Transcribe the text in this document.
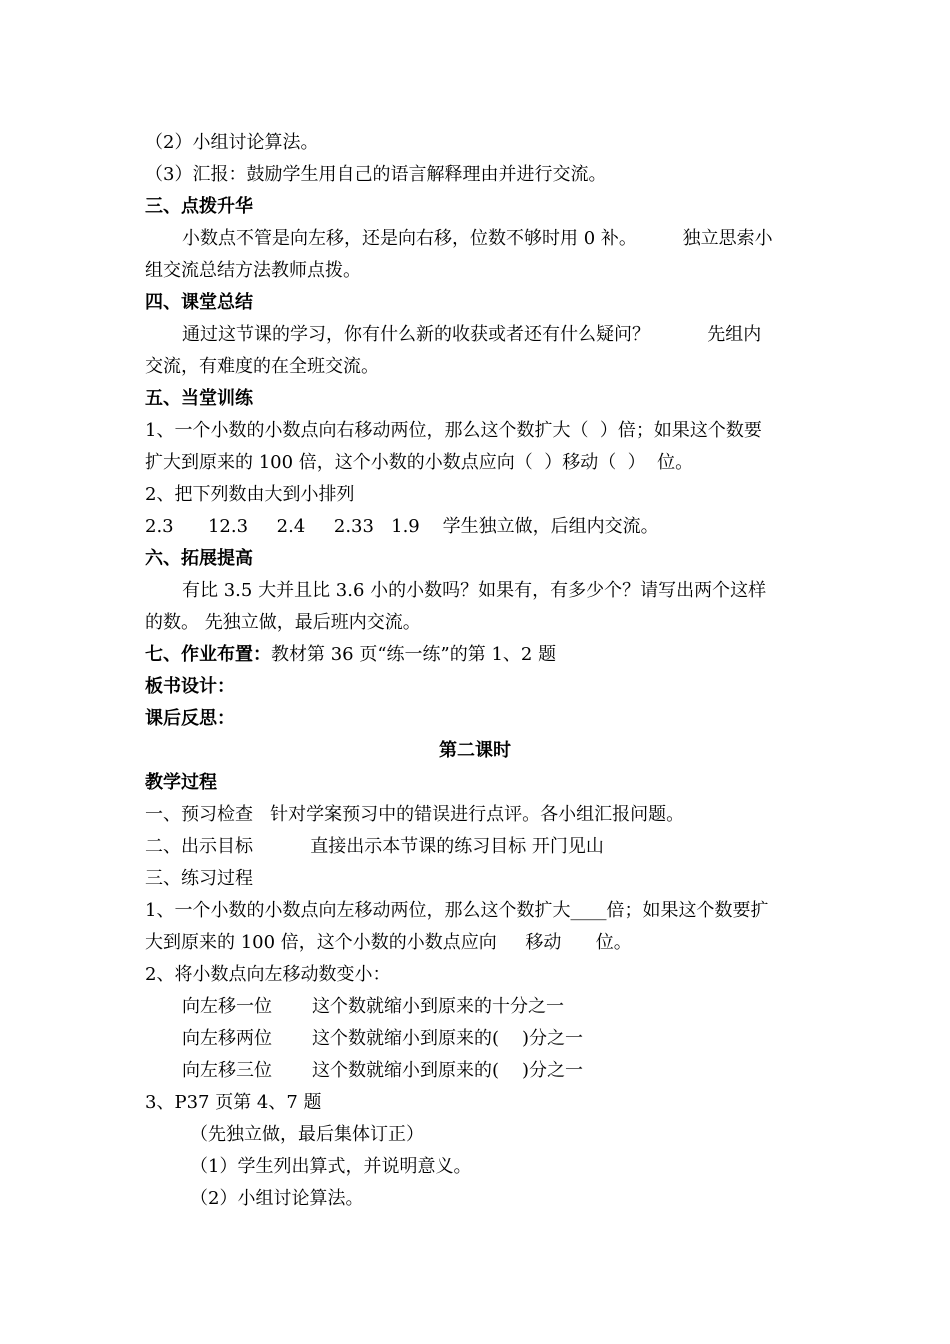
（2）小组讨论算法。

（3）汇报：鼓励学生用自己的语言解释理由并进行交流。

三、点拨升华

小数点不管是向左移，还是向右移，位数不够时用 0 补。        独立思索小

组交流总结方法教师点拨。

四、课堂总结

通过这节课的学习，你有什么新的收获或者还有什么疑问？          先组内

交流，有难度的在全班交流。

五、当堂训练

1、一个小数的小数点向右移动两位，那么这个数扩大（  ）倍；如果这个数要

扩大到原来的 100 倍，这个小数的小数点应向（  ）移动（  ）  位。

2、把下列数由大到小排列

2.3      12.3     2.4     2.33   1.9    学生独立做，后组内交流。

六、拓展提高

有比 3.5 大并且比 3.6 小的小数吗？如果有，有多少个？请写出两个这样

的数。 先独立做，最后班内交流。

七、作业布置：教材第 36 页“练一练”的第 1、2 题

板书设计：

课后反思：

第二课时

教学过程

一、预习检查   针对学案预习中的错误进行点评。各小组汇报问题。

二、出示目标          直接出示本节课的练习目标 开门见山

三、练习过程

1、一个小数的小数点向左移动两位，那么这个数扩大____倍；如果这个数要扩

大到原来的 100 倍，这个小数的小数点应向     移动      位。

2、将小数点向左移动数变小：

向左移一位       这个数就缩小到原来的十分之一

向左移两位       这个数就缩小到原来的(    )分之一

向左移三位       这个数就缩小到原来的(    )分之一

3、P37 页第 4、7 题

（先独立做，最后集体订正）

（1）学生列出算式，并说明意义。

（2）小组讨论算法。
